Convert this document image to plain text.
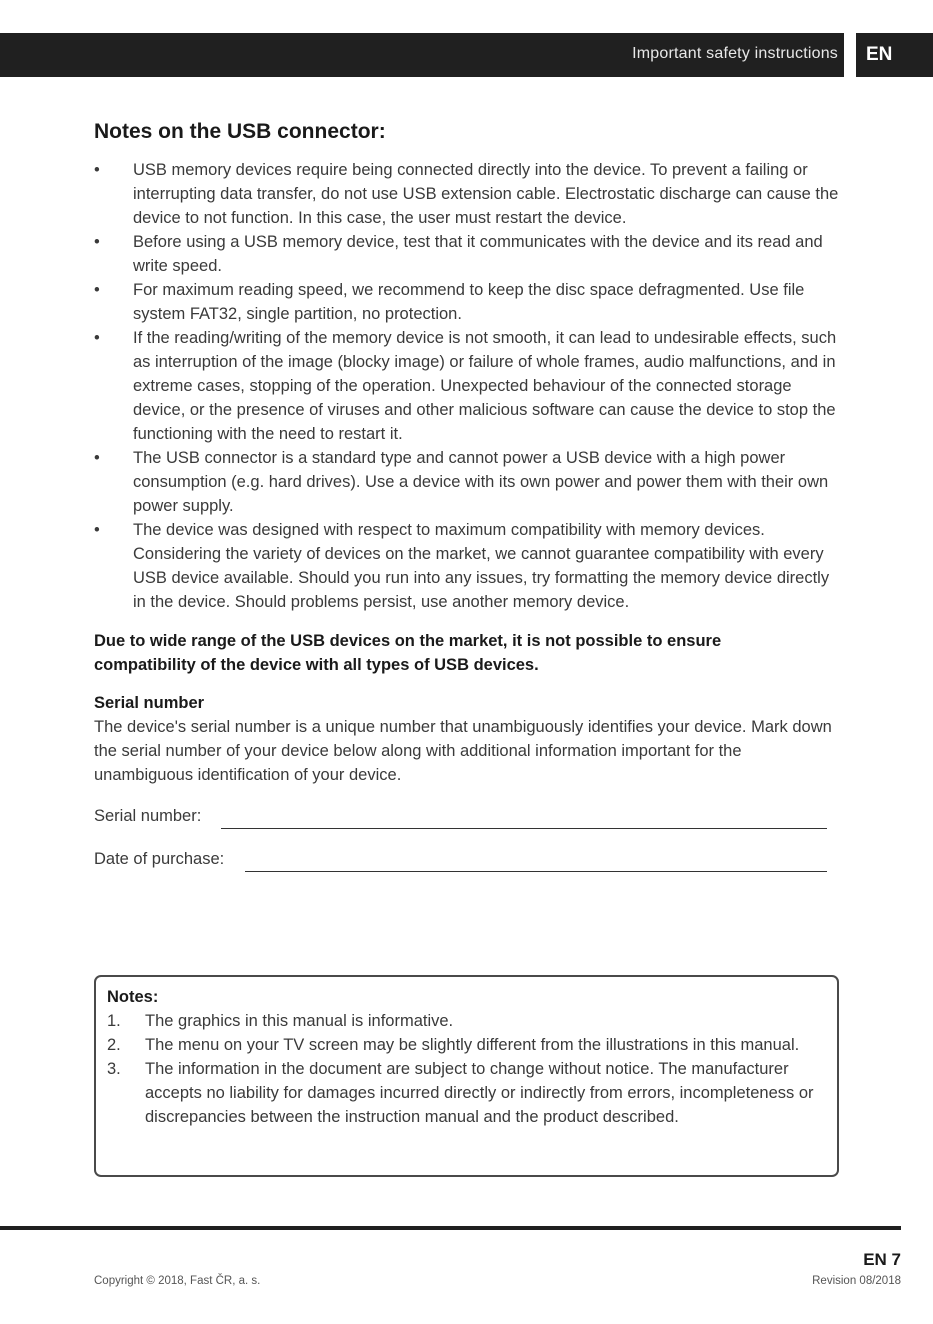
Important safety instructions EN
Notes on the USB connector:
• USB memory devices require being connected directly into the device. To prevent a failing or interrupting data transfer, do not use USB extension cable. Electrostatic discharge can cause the device to not function. In this case, the user must restart the device.
• Before using a USB memory device, test that it communicates with the device and its read and write speed.
• For maximum reading speed, we recommend to keep the disc space defragmented. Use file system FAT32, single partition, no protection.
• If the reading/writing of the memory device is not smooth, it can lead to undesirable effects, such as interruption of the image (blocky image) or failure of whole frames, audio malfunctions, and in extreme cases, stopping of the operation. Unexpected behaviour of the connected storage device, or the presence of viruses and other malicious software can cause the device to stop the functioning with the need to restart it.
• The USB connector is a standard type and cannot power a USB device with a high power consumption (e.g. hard drives). Use a device with its own power and power them with their own power supply.
• The device was designed with respect to maximum compatibility with memory devices. Considering the variety of devices on the market, we cannot guarantee compatibility with every USB device available. Should you run into any issues, try formatting the memory device directly in the device. Should problems persist, use another memory device.
Due to wide range of the USB devices on the market, it is not possible to ensure compatibility of the device with all types of USB devices.
Serial number
The device's serial number is a unique number that unambiguously identifies your device. Mark down the serial number of your device below along with additional information important for the unambiguous identification of your device.
Serial number:
Date of purchase:
Notes:
1. The graphics in this manual is informative.
2. The menu on your TV screen may be slightly different from the illustrations in this manual.
3. The information in the document are subject to change without notice. The manufacturer accepts no liability for damages incurred directly or indirectly from errors, incompleteness or discrepancies between the instruction manual and the product described.
EN 7
Copyright © 2018, Fast ČR, a. s.	Revision 08/2018
